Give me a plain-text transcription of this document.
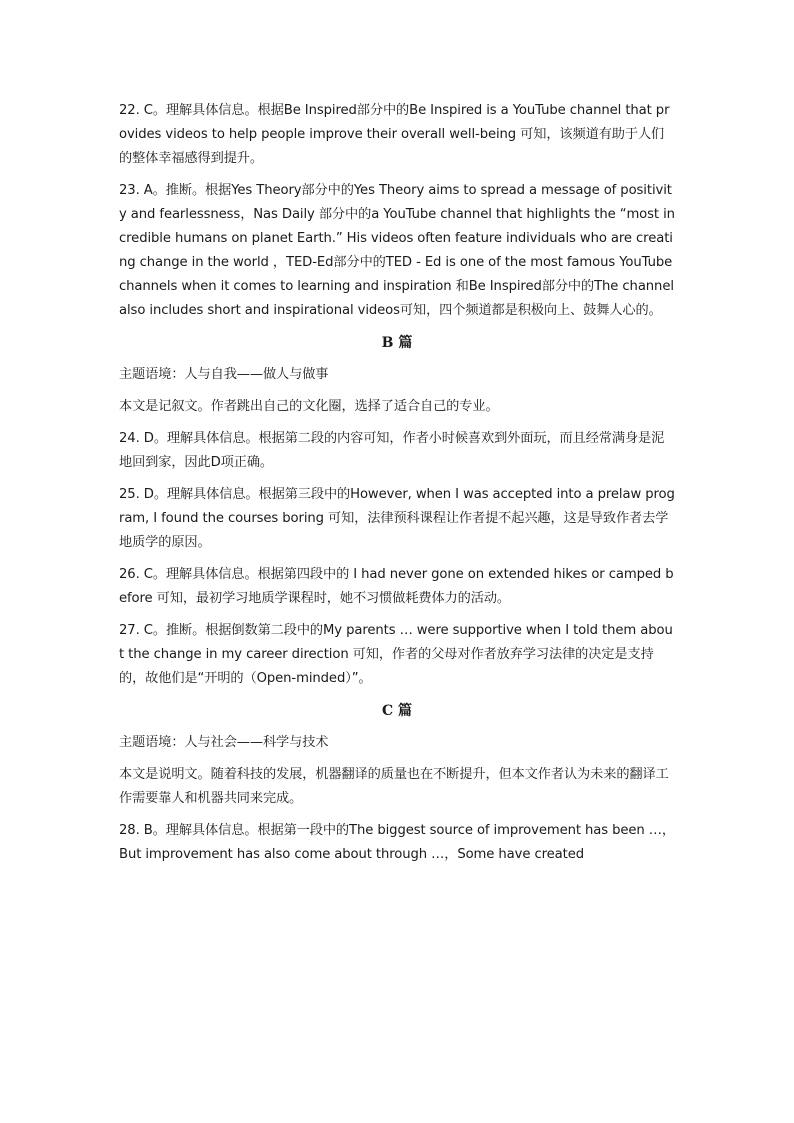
22. C。理解具体信息。根据Be Inspired部分中的Be Inspired is a YouTube channel that provides videos to help people improve their overall well-being 可知，该频道有助于人们的整体幸福感得到提升。

23. A。推断。根据Yes Theory部分中的Yes Theory aims to spread a message of positivity and fearlessness，Nas Daily 部分中的a YouTube channel that highlights the “most incredible humans on planet Earth.” His videos often feature individuals who are creating change in the world ，TED-Ed部分中的TED - Ed is one of the most famous YouTube channels when it comes to learning and inspiration 和Be Inspired部分中的The channel also includes short and inspirational videos可知，四个频道都是积极向上、鼓舞人心的。

B 篇

主题语境：人与自我——做人与做事

本文是记叙文。作者跳出自己的文化圈，选择了适合自己的专业。

24. D。理解具体信息。根据第二段的内容可知，作者小时候喜欢到外面玩，而且经常满身是泥地回到家，因此D项正确。

25. D。理解具体信息。根据第三段中的However, when I was accepted into a prelaw program, I found the courses boring 可知，法律预科课程让作者提不起兴趣，这是导致作者去学地质学的原因。

26. C。理解具体信息。根据第四段中的 I had never gone on extended hikes or camped before 可知，最初学习地质学课程时，她不习惯做耗费体力的活动。

27. C。推断。根据倒数第二段中的My parents … were supportive when I told them about the change in my career direction 可知，作者的父母对作者放弃学习法律的决定是支持的，故他们是“开明的（Open-minded）”。

C 篇

主题语境：人与社会——科学与技术

本文是说明文。随着科技的发展，机器翻译的质量也在不断提升，但本文作者认为未来的翻译工作需要靠人和机器共同来完成。

28. B。理解具体信息。根据第一段中的The biggest source of improvement has been …，But improvement has also come about through …，Some have created
